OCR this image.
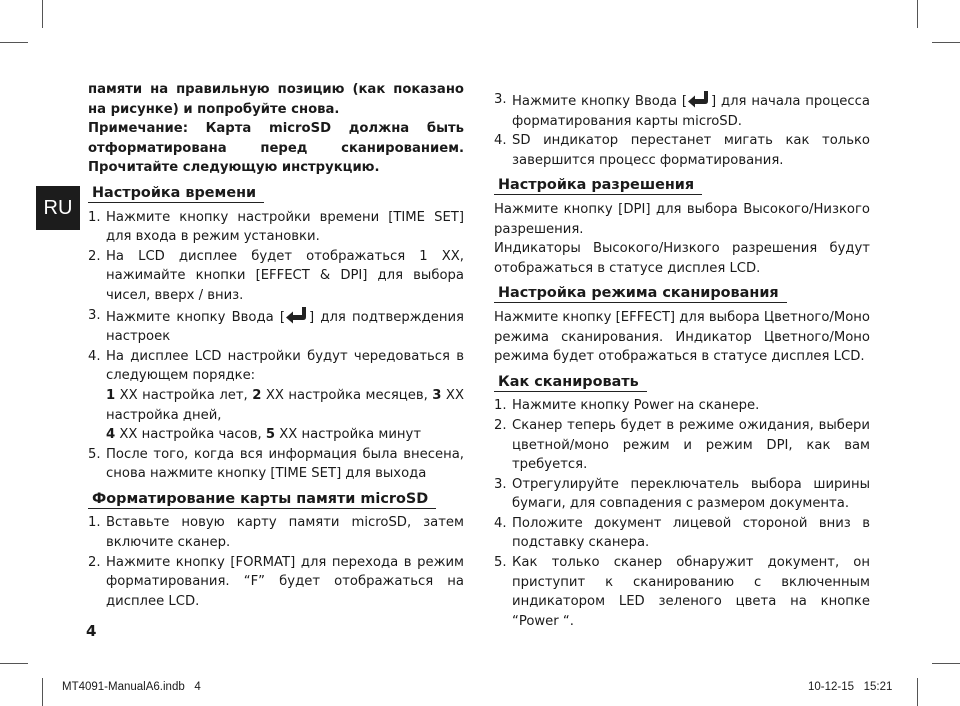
RU

памяти на правильную позицию (как показано на рисунке) и попробуйте снова.

Примечание: Карта microSD должна быть отформатирована перед сканированием. Прочитайте следующую инструкцию.

Настройка времени
1. Нажмите кнопку настройки времени [TIME SET] для входа в режим установки.
2. На LCD дисплее будет отображаться 1 XX, нажимайте кнопки [EFFECT & DPI] для выбора чисел, вверх / вниз.
3. Нажмите кнопку Ввода [ ] для подтверждения настроек
4. На дисплее LCD настройки будут чередоваться в следующем порядке:
1 XX настройка лет, 2 XX настройка месяцев, 3 XX настройка дней,
4 XX настройка часов, 5 XX настройка минут
5. После того, когда вся информация была внесена, снова нажмите кнопку [TIME SET] для выхода
Форматирование карты памяти microSD
1. Вставьте новую карту памяти microSD, затем включите сканер.
2. Нажмите кнопку [FORMAT] для перехода в режим форматирования. “F” будет отображаться на дисплее LCD.
3. Нажмите кнопку Ввода [ ] для начала процесса форматирования карты microSD.
4. SD индикатор перестанет мигать как только завершится процесс форматирования.
Настройка разрешения

Нажмите кнопку [DPI] для выбора Высокого/Низкого разрешения.

Индикаторы Высокого/Низкого разрешения будут отображаться в статусе дисплея LCD.

Настройка режима сканирования

Нажмите кнопку [EFFECT] для выбора Цветного/Моно режима сканирования. Индикатор Цветного/Моно режима будет отображаться в статусе дисплея LCD.

Как сканировать
1. Нажмите кнопку Power на сканере.
2. Сканер теперь будет в режиме ожидания, выбери цветной/моно режим и режим DPI, как вам требуется.
3. Отрегулируйте переключатель выбора ширины бумаги, для совпадения с размером документа.
4. Положите документ лицевой стороной вниз в подставку сканера.
5. Как только сканер обнаружит документ, он приступит к сканированию с включенным индикатором LED зеленого цвета на кнопке “Power “.
4
MT4091-ManualA6.indb   4	10-12-15   15:21
